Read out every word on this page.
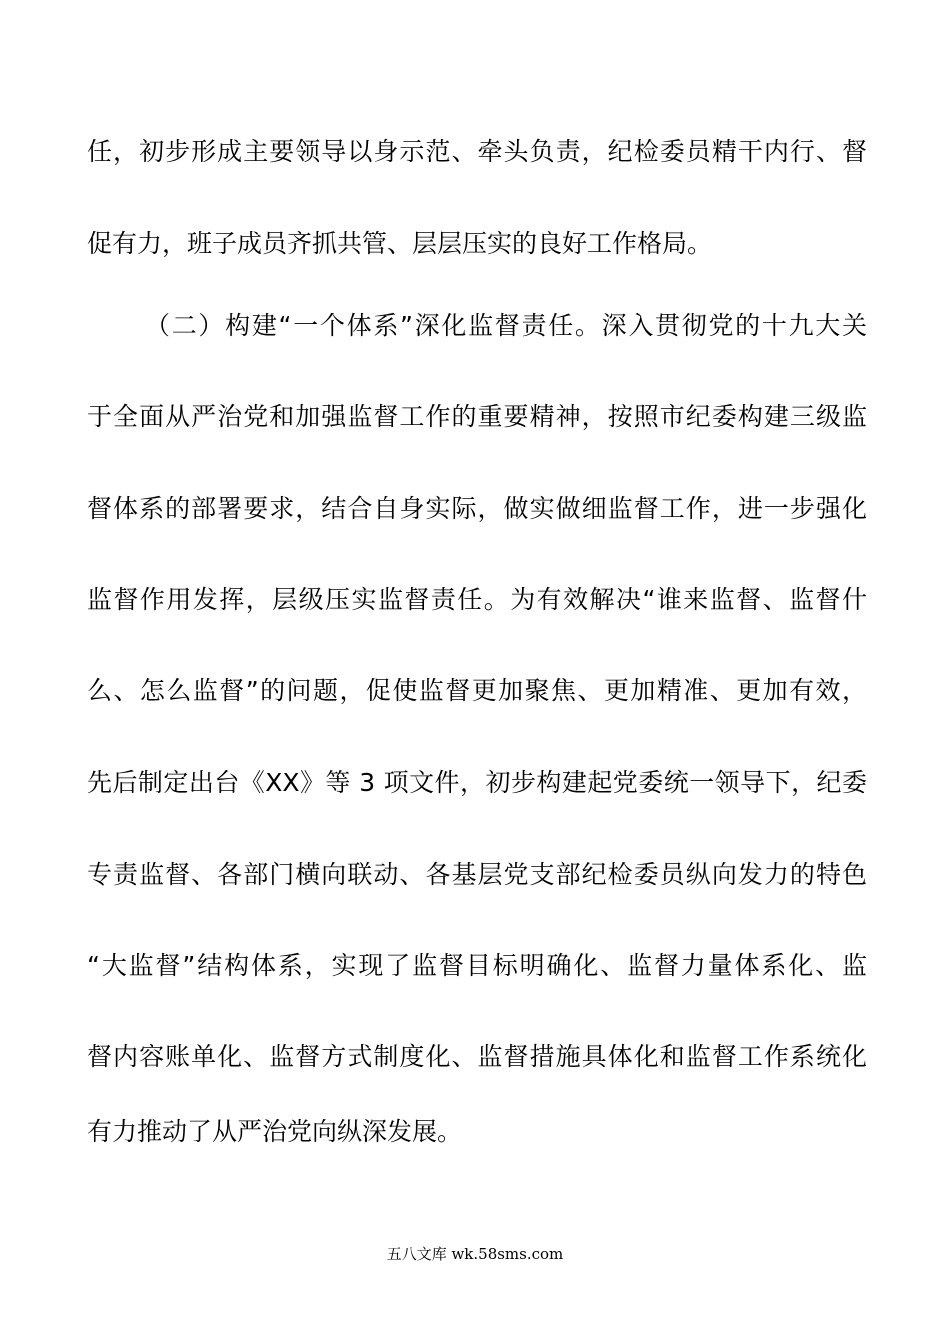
任，初步形成主要领导以身示范、牵头负责，纪检委员精干内行、督
促有力，班子成员齐抓共管、层层压实的良好工作格局。
（二）构建“一个体系”深化监督责任。深入贯彻党的十九大关
于全面从严治党和加强监督工作的重要精神，按照市纪委构建三级监
督体系的部署要求，结合自身实际，做实做细监督工作，进一步强化
监督作用发挥，层级压实监督责任。为有效解决“谁来监督、监督什
么、怎么监督”的问题，促使监督更加聚焦、更加精准、更加有效，
先后制定出台《XX》等 3 项文件，初步构建起党委统一领导下，纪委
专责监督、各部门横向联动、各基层党支部纪检委员纵向发力的特色
“大监督”结构体系，实现了监督目标明确化、监督力量体系化、监
督内容账单化、监督方式制度化、监督措施具体化和监督工作系统化
有力推动了从严治党向纵深发展。
五八文库 wk.58sms.com
